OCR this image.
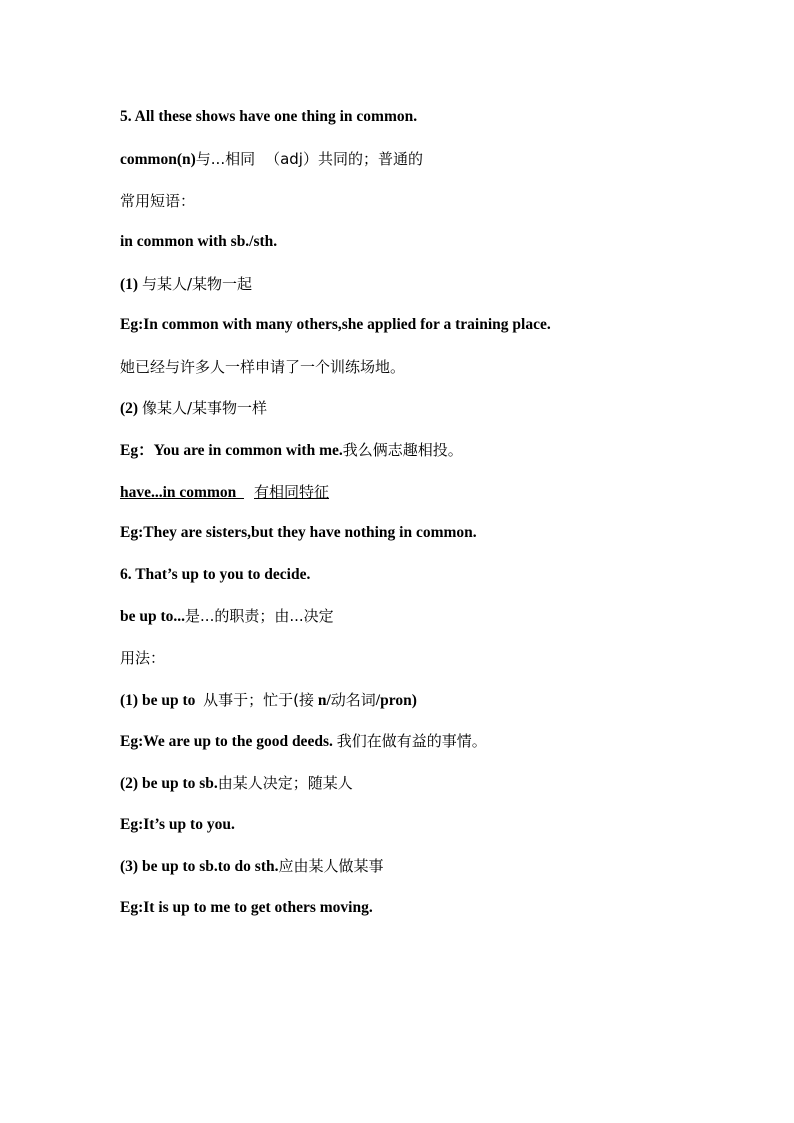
5. All these shows have one thing in common.
common(n)与...相同 （adj）共同的；普通的
常用短语：
in common with sb./sth.
(1) 与某人/某物一起
Eg:In common with many others,she applied for a training place.
她已经与许多人一样申请了一个训练场地。
(2) 像某人/某事物一样
Eg：You are in common with me.我么俩志趣相投。
have...in common  有相同特征
Eg:They are sisters,but they have nothing in common.
6. That’s up to you to decide.
be up to...是...的职责；由...决定
用法：
(1) be up to  从事于；忙于(接 n/动名词/pron)
Eg:We are up to the good deeds. 我们在做有益的事情。
(2) be up to sb.由某人决定；随某人
Eg:It’s up to you.
(3) be up to sb.to do sth.应由某人做某事
Eg:It is up to me to get others moving.
